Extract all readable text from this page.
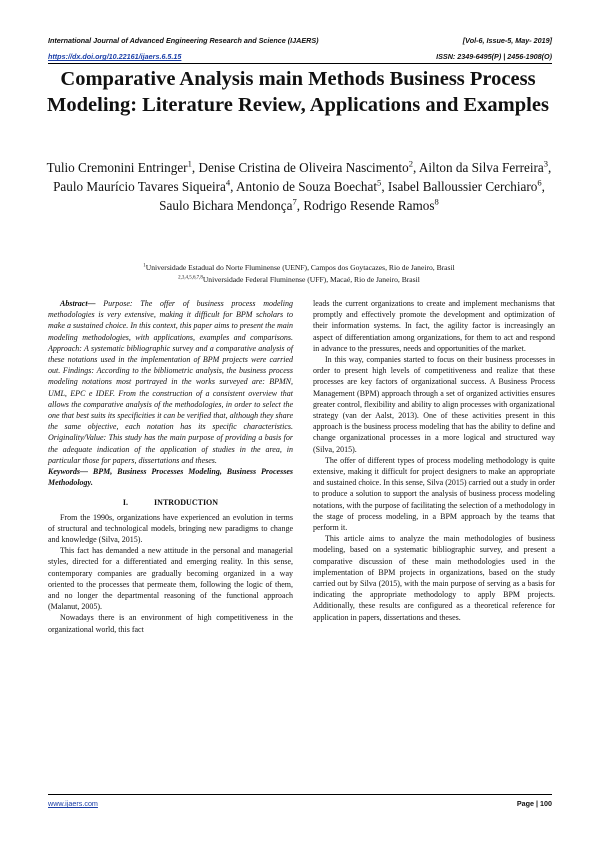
International Journal of Advanced Engineering Research and Science (IJAERS)	[Vol-6, Issue-5, May- 2019]
https://dx.doi.org/10.22161/ijaers.6.5.15	ISSN: 2349-6495(P) | 2456-1908(O)
Comparative Analysis main Methods Business Process Modeling: Literature Review, Applications and Examples
Tulio Cremonini Entringer$^1$, Denise Cristina de Oliveira Nascimento$^2$, Ailton da Silva Ferreira$^3$, Paulo Maurício Tavares Siqueira$^4$, Antonio de Souza Boechat$^5$, Isabel Balloussier Cerchiaro$^6$, Saulo Bichara Mendonça$^7$, Rodrigo Resende Ramos$^8$
$^1$Universidade Estadual do Norte Fluminense (UENF), Campos dos Goytacazes, Rio de Janeiro, Brasil
$^{2,3,4,5,6,7,8}$Universidade Federal Fluminense (UFF), Macaé, Rio de Janeiro, Brasil

Abstract— Purpose: The offer of business process modeling methodologies is very extensive, making it difficult for BPM scholars to make a sustained choice. In this context, this paper aims to present the main modeling methodologies, with applications, examples and comparisons. Approach: A systematic bibliographic survey and a comparative analysis of these notations used in the implementation of BPM projects were carried out. Findings: According to the bibliometric analysis, the business process modeling notations most portrayed in the works surveyed are: BPMN, UML, EPC e IDEF. From the construction of a consistent overview that allows the comparative analysis of the methodologies, in order to select the one that best suits its specificities it can be verified that, although they share the same objective, each notation has its specific characteristics. Originality/Value: This study has the main purpose of providing a basis for the adequate indication of the application of studies in the area, in particular those for papers, dissertations and theses.

Keywords— BPM, Business Processes Modeling, Business Processes Methodology.

I.	INTRODUCTION

From the 1990s, organizations have experienced an evolution in terms of structural and technological models, bringing new paradigms to change and knowledge (Silva, 2015).

This fact has demanded a new attitude in the personal and managerial styles, directed for a differentiated and emerging reality. In this sense, contemporary companies are gradually becoming organized in a way oriented to the processes that permeate them, following the logic of them, and no longer the departmental reasoning of the functional approach (Malanut, 2005).

Nowadays there is an environment of high competitiveness in the organizational world, this fact

leads the current organizations to create and implement mechanisms that promptly and effectively promote the development and optimization of their information systems. In fact, the agility factor is increasingly an aspect of differentiation among organizations, for them to act and respond in advance to the pressures, needs and opportunities of the market.

In this way, companies started to focus on their business processes in order to present high levels of competitiveness and realize that these processes are key factors of organizational success. A Business Process Management (BPM) approach through a set of organized activities ensures greater control, flexibility and ability to align processes with organizational strategy (van der Aalst, 2013). One of these activities present in this approach is the business process modeling that has the ability to define and change organizational processes in a more logical and structured way (Silva, 2015).

The offer of different types of process modeling methodology is quite extensive, making it difficult for project designers to make an appropriate and sustained choice. In this sense, Silva (2015) carried out a study in order to produce a solution to support the analysis of business process modeling notations, with the purpose of facilitating the selection of a methodology in the stage of process modeling, in a BPM approach by the teams that perform it.

This article aims to analyze the main methodologies of business modeling, based on a systematic bibliographic survey, and present a comparative discussion of these main methodologies used in the implementation of BPM projects in organizations, based on the study carried out by Silva (2015), with the main purpose of serving as a basis for indicating the appropriate methodology to apply BPM projects. Additionally, these results are configured as a theoretical reference for application in papers, dissertations and theses.

www.ijaers.com	Page | 100
